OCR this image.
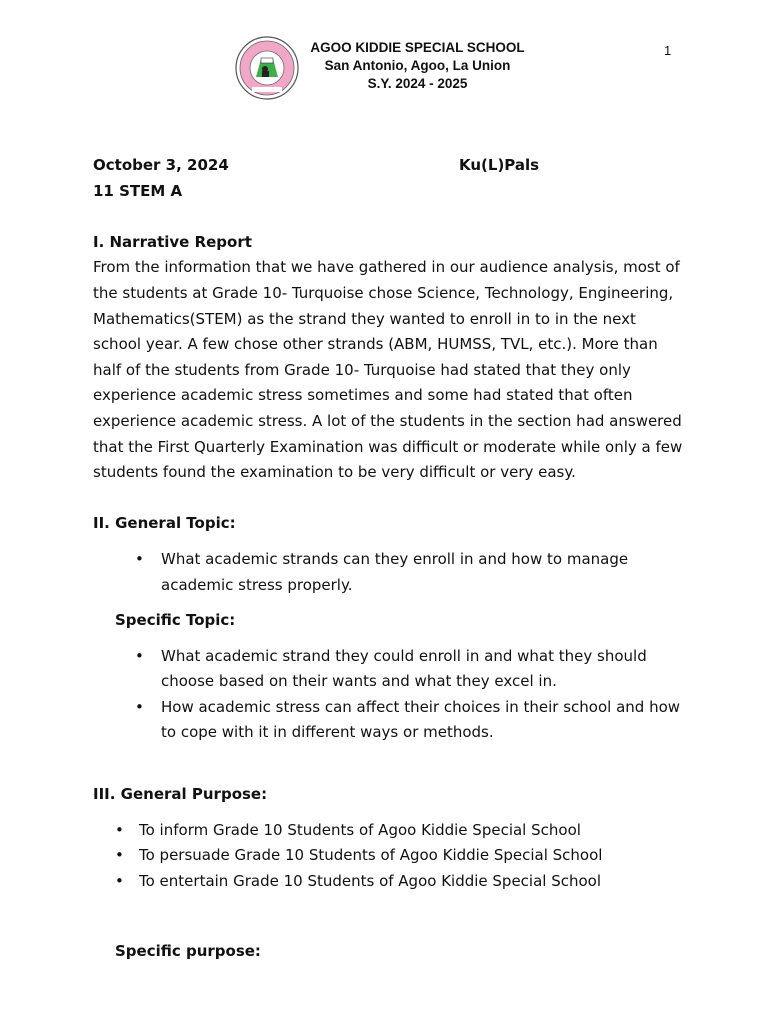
AGOO KIDDIE SPECIAL SCHOOL
San Antonio, Agoo, La Union
S.Y. 2024 - 2025
1
October 3, 2024	Ku(L)Pals
11 STEM A
I. Narrative Report

From the information that we have gathered in our audience analysis, most of the students at Grade 10- Turquoise chose Science, Technology, Engineering, Mathematics(STEM) as the strand they wanted to enroll in to in the next school year. A few chose other strands (ABM, HUMSS, TVL, etc.). More than half of the students from Grade 10- Turquoise had stated that they only experience academic stress sometimes and some had stated that often experience academic stress. A lot of the students in the section had answered that the First Quarterly Examination was difficult or moderate while only a few students found the examination to be very difficult or very easy.

II. General Topic:
• What academic strands can they enroll in and how to manage academic stress properly.
Specific Topic:
• What academic strand they could enroll in and what they should choose based on their wants and what they excel in.
• How academic stress can affect their choices in their school and how to cope with it in different ways or methods.
III. General Purpose:
• To inform Grade 10 Students of Agoo Kiddie Special School
• To persuade Grade 10 Students of Agoo Kiddie Special School
• To entertain Grade 10 Students of Agoo Kiddie Special School
Specific purpose:
